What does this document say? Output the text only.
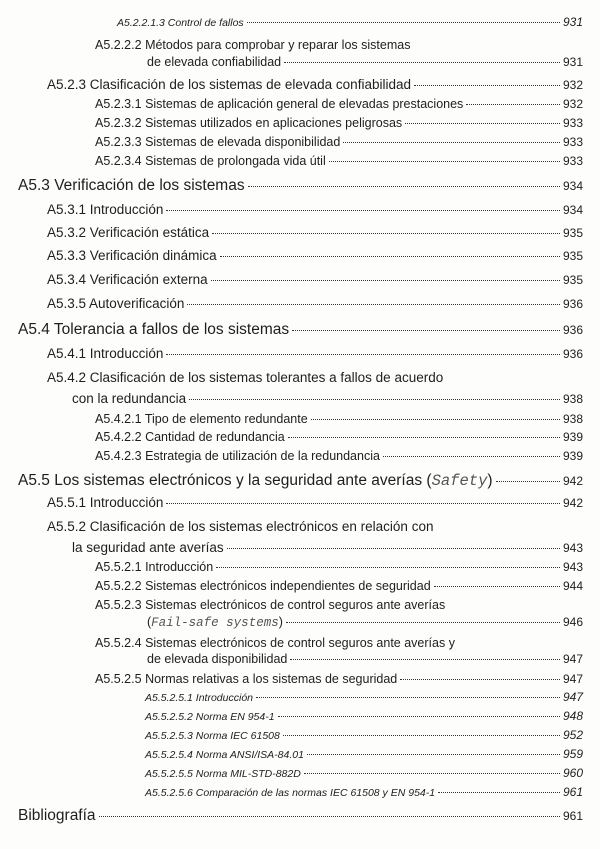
A5.2.2.1.3 Control de fallos	931
A5.2.2.2 Métodos para comprobar y reparar los sistemas
de elevada confiabilidad	931
A5.2.3 Clasificación de los sistemas de elevada confiabilidad	932
A5.2.3.1 Sistemas de aplicación general de elevadas prestaciones	932
A5.2.3.2 Sistemas utilizados en aplicaciones peligrosas	933
A5.2.3.3 Sistemas de elevada disponibilidad	933
A5.2.3.4 Sistemas de prolongada vida útil	933
A5.3 Verificación de los sistemas	934
A5.3.1 Introducción	934
A5.3.2 Verificación estática	935
A5.3.3 Verificación dinámica	935
A5.3.4 Verificación externa	935
A5.3.5 Autoverificación	936
A5.4 Tolerancia a fallos de los sistemas	936
A5.4.1 Introducción	936
A5.4.2 Clasificación de los sistemas tolerantes a fallos de acuerdo
con la redundancia	938
A5.4.2.1 Tipo de elemento redundante	938
A5.4.2.2 Cantidad de redundancia	939
A5.4.2.3 Estrategia de utilización de la redundancia	939
A5.5 Los sistemas electrónicos y la seguridad ante averías (Safety)	942
A5.5.1 Introducción	942
A5.5.2 Clasificación de los sistemas electrónicos en relación con
la seguridad ante averías	943
A5.5.2.1 Introducción	943
A5.5.2.2 Sistemas electrónicos independientes de seguridad	944
A5.5.2.3 Sistemas electrónicos de control seguros ante averías
(Fail-safe systems)	946
A5.5.2.4 Sistemas electrónicos de control seguros ante averías y
de elevada disponibilidad	947
A5.5.2.5 Normas relativas a los sistemas de seguridad	947
A5.5.2.5.1 Introducción	947
A5.5.2.5.2 Norma EN 954-1	948
A5.5.2.5.3 Norma IEC 61508	952
A5.5.2.5.4 Norma ANSI/ISA-84.01	959
A5.5.2.5.5 Norma MIL-STD-882D	960
A5.5.2.5.6 Comparación de las normas IEC 61508 y EN 954-1	961
Bibliografía	961
